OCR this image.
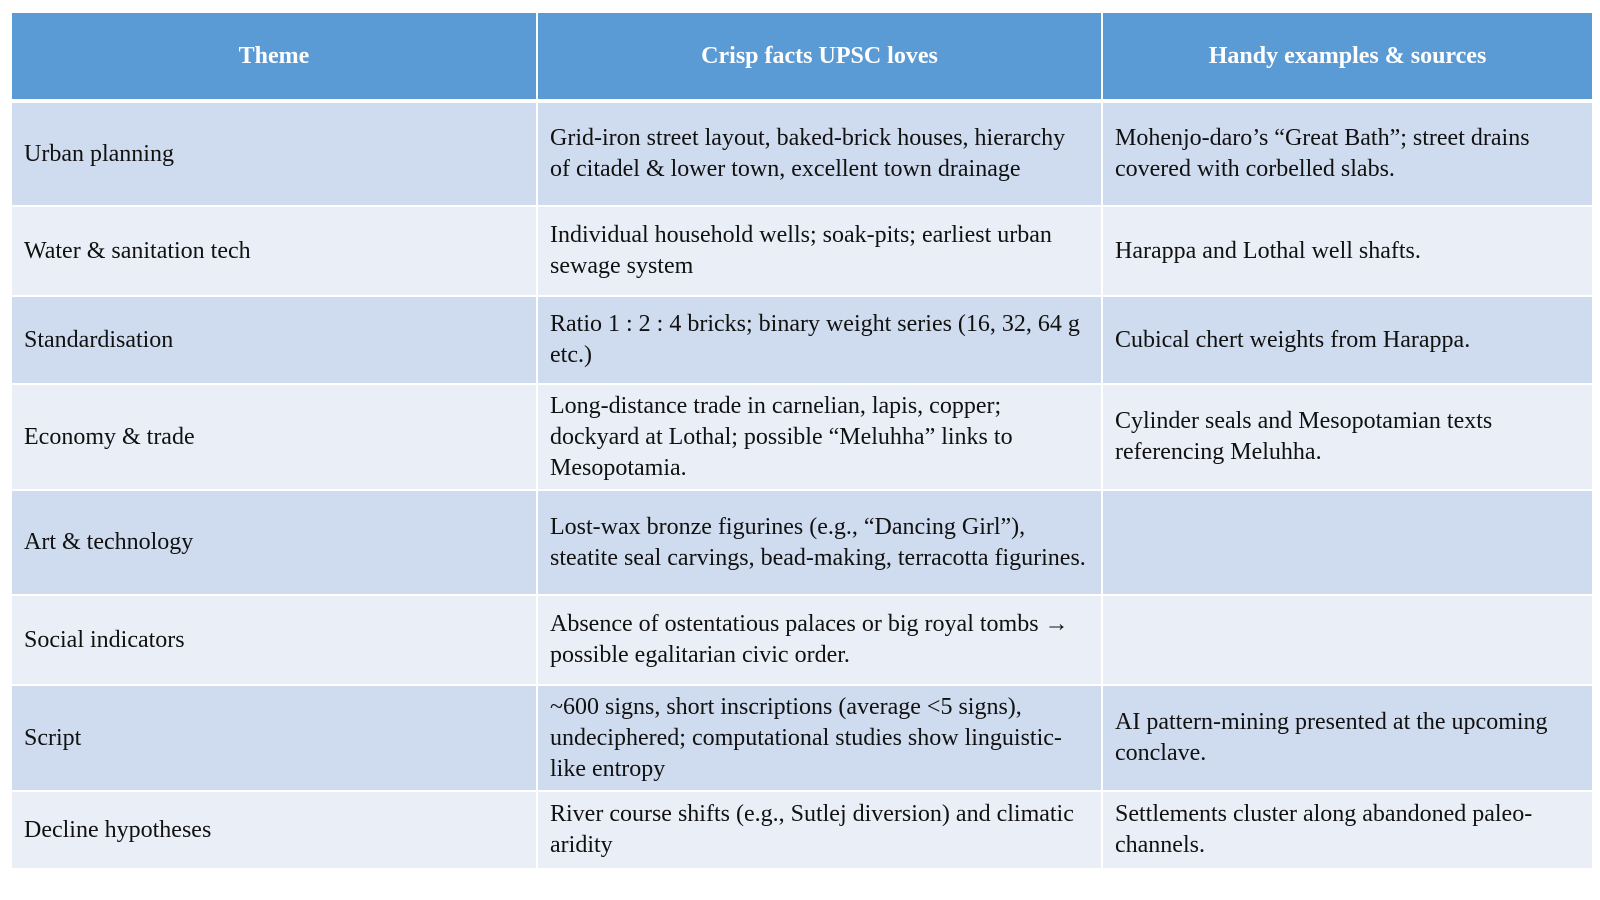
Theme	Crisp facts UPSC loves	Handy examples & sources
Urban planning	Grid-iron street layout, baked-brick houses, hierarchy of citadel & lower town, excellent town drainage	Mohenjo-daro’s “Great Bath”; street drains covered with corbelled slabs.
Water & sanitation tech	Individual household wells; soak-pits; earliest urban sewage system	Harappa and Lothal well shafts.
Standardisation	Ratio 1 : 2 : 4 bricks; binary weight series (16, 32, 64 g etc.)	Cubical chert weights from Harappa.
Economy & trade	Long-distance trade in carnelian, lapis, copper; dockyard at Lothal; possible “Meluhha” links to Mesopotamia.	Cylinder seals and Mesopotamian texts referencing Meluhha.
Art & technology	Lost-wax bronze figurines (e.g., “Dancing Girl”), steatite seal carvings, bead-making, terracotta figurines.	
Social indicators	Absence of ostentatious palaces or big royal tombs → possible egalitarian civic order.	
Script	~600 signs, short inscriptions (average <5 signs), undeciphered; computational studies show linguistic-like entropy	AI pattern-mining presented at the upcoming conclave.
Decline hypotheses	River course shifts (e.g., Sutlej diversion) and climatic aridity	Settlements cluster along abandoned paleo-channels.
